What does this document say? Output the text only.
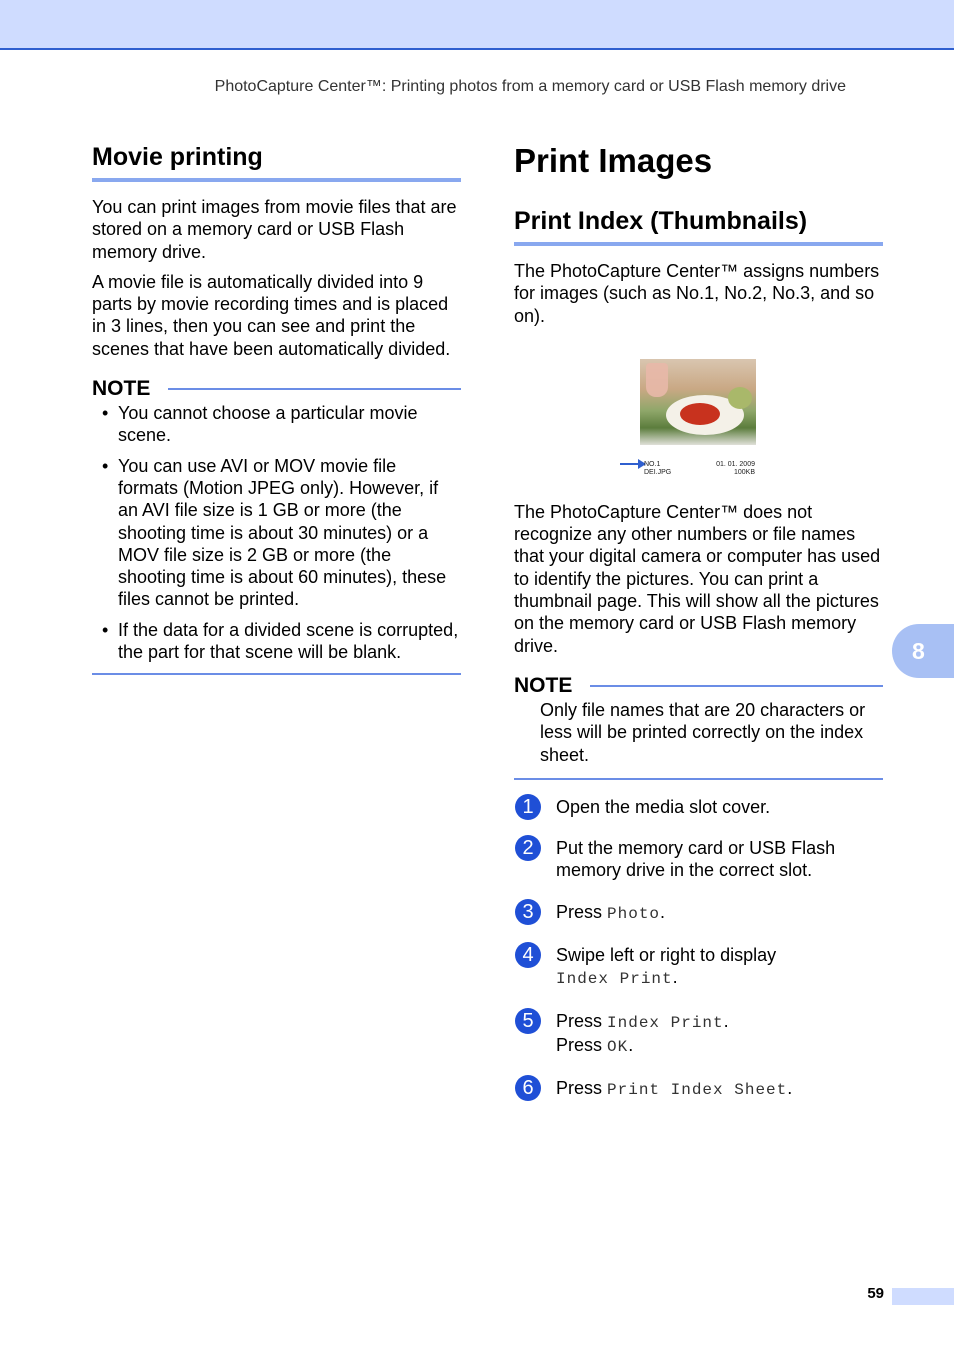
PhotoCapture Center™: Printing photos from a memory card or USB Flash memory drive
Movie printing

You can print images from movie files that are stored on a memory card or USB Flash memory drive.

A movie file is automatically divided into 9 parts by movie recording times and is placed in 3 lines, then you can see and print the scenes that have been automatically divided.

NOTE
• You cannot choose a particular movie scene.
• You can use AVI or MOV movie file formats (Motion JPEG only). However, if an AVI file size is 1 GB or more (the shooting time is about 30 minutes) or a MOV file size is 2 GB or more (the shooting time is about 60 minutes), these files cannot be printed.
• If the data for a divided scene is corrupted, the part for that scene will be blank.
Print Images
Print Index (Thumbnails)

The PhotoCapture Center™ assigns numbers for images (such as No.1, No.2, No.3, and so on).

NO.1
DEI.JPG
01. 01. 2009
100KB

The PhotoCapture Center™ does not recognize any other numbers or file names that your digital camera or computer has used to identify the pictures. You can print a thumbnail page. This will show all the pictures on the memory card or USB Flash memory drive.

NOTE

Only file names that are 20 characters or less will be printed correctly on the index sheet.

1	Open the media slot cover.
2	Put the memory card or USB Flash memory drive in the correct slot.
3	Press Photo.
4	Swipe left or right to display
Index Print.
5	Press Index Print.
Press OK.
6	Press Print Index Sheet.
8
59
